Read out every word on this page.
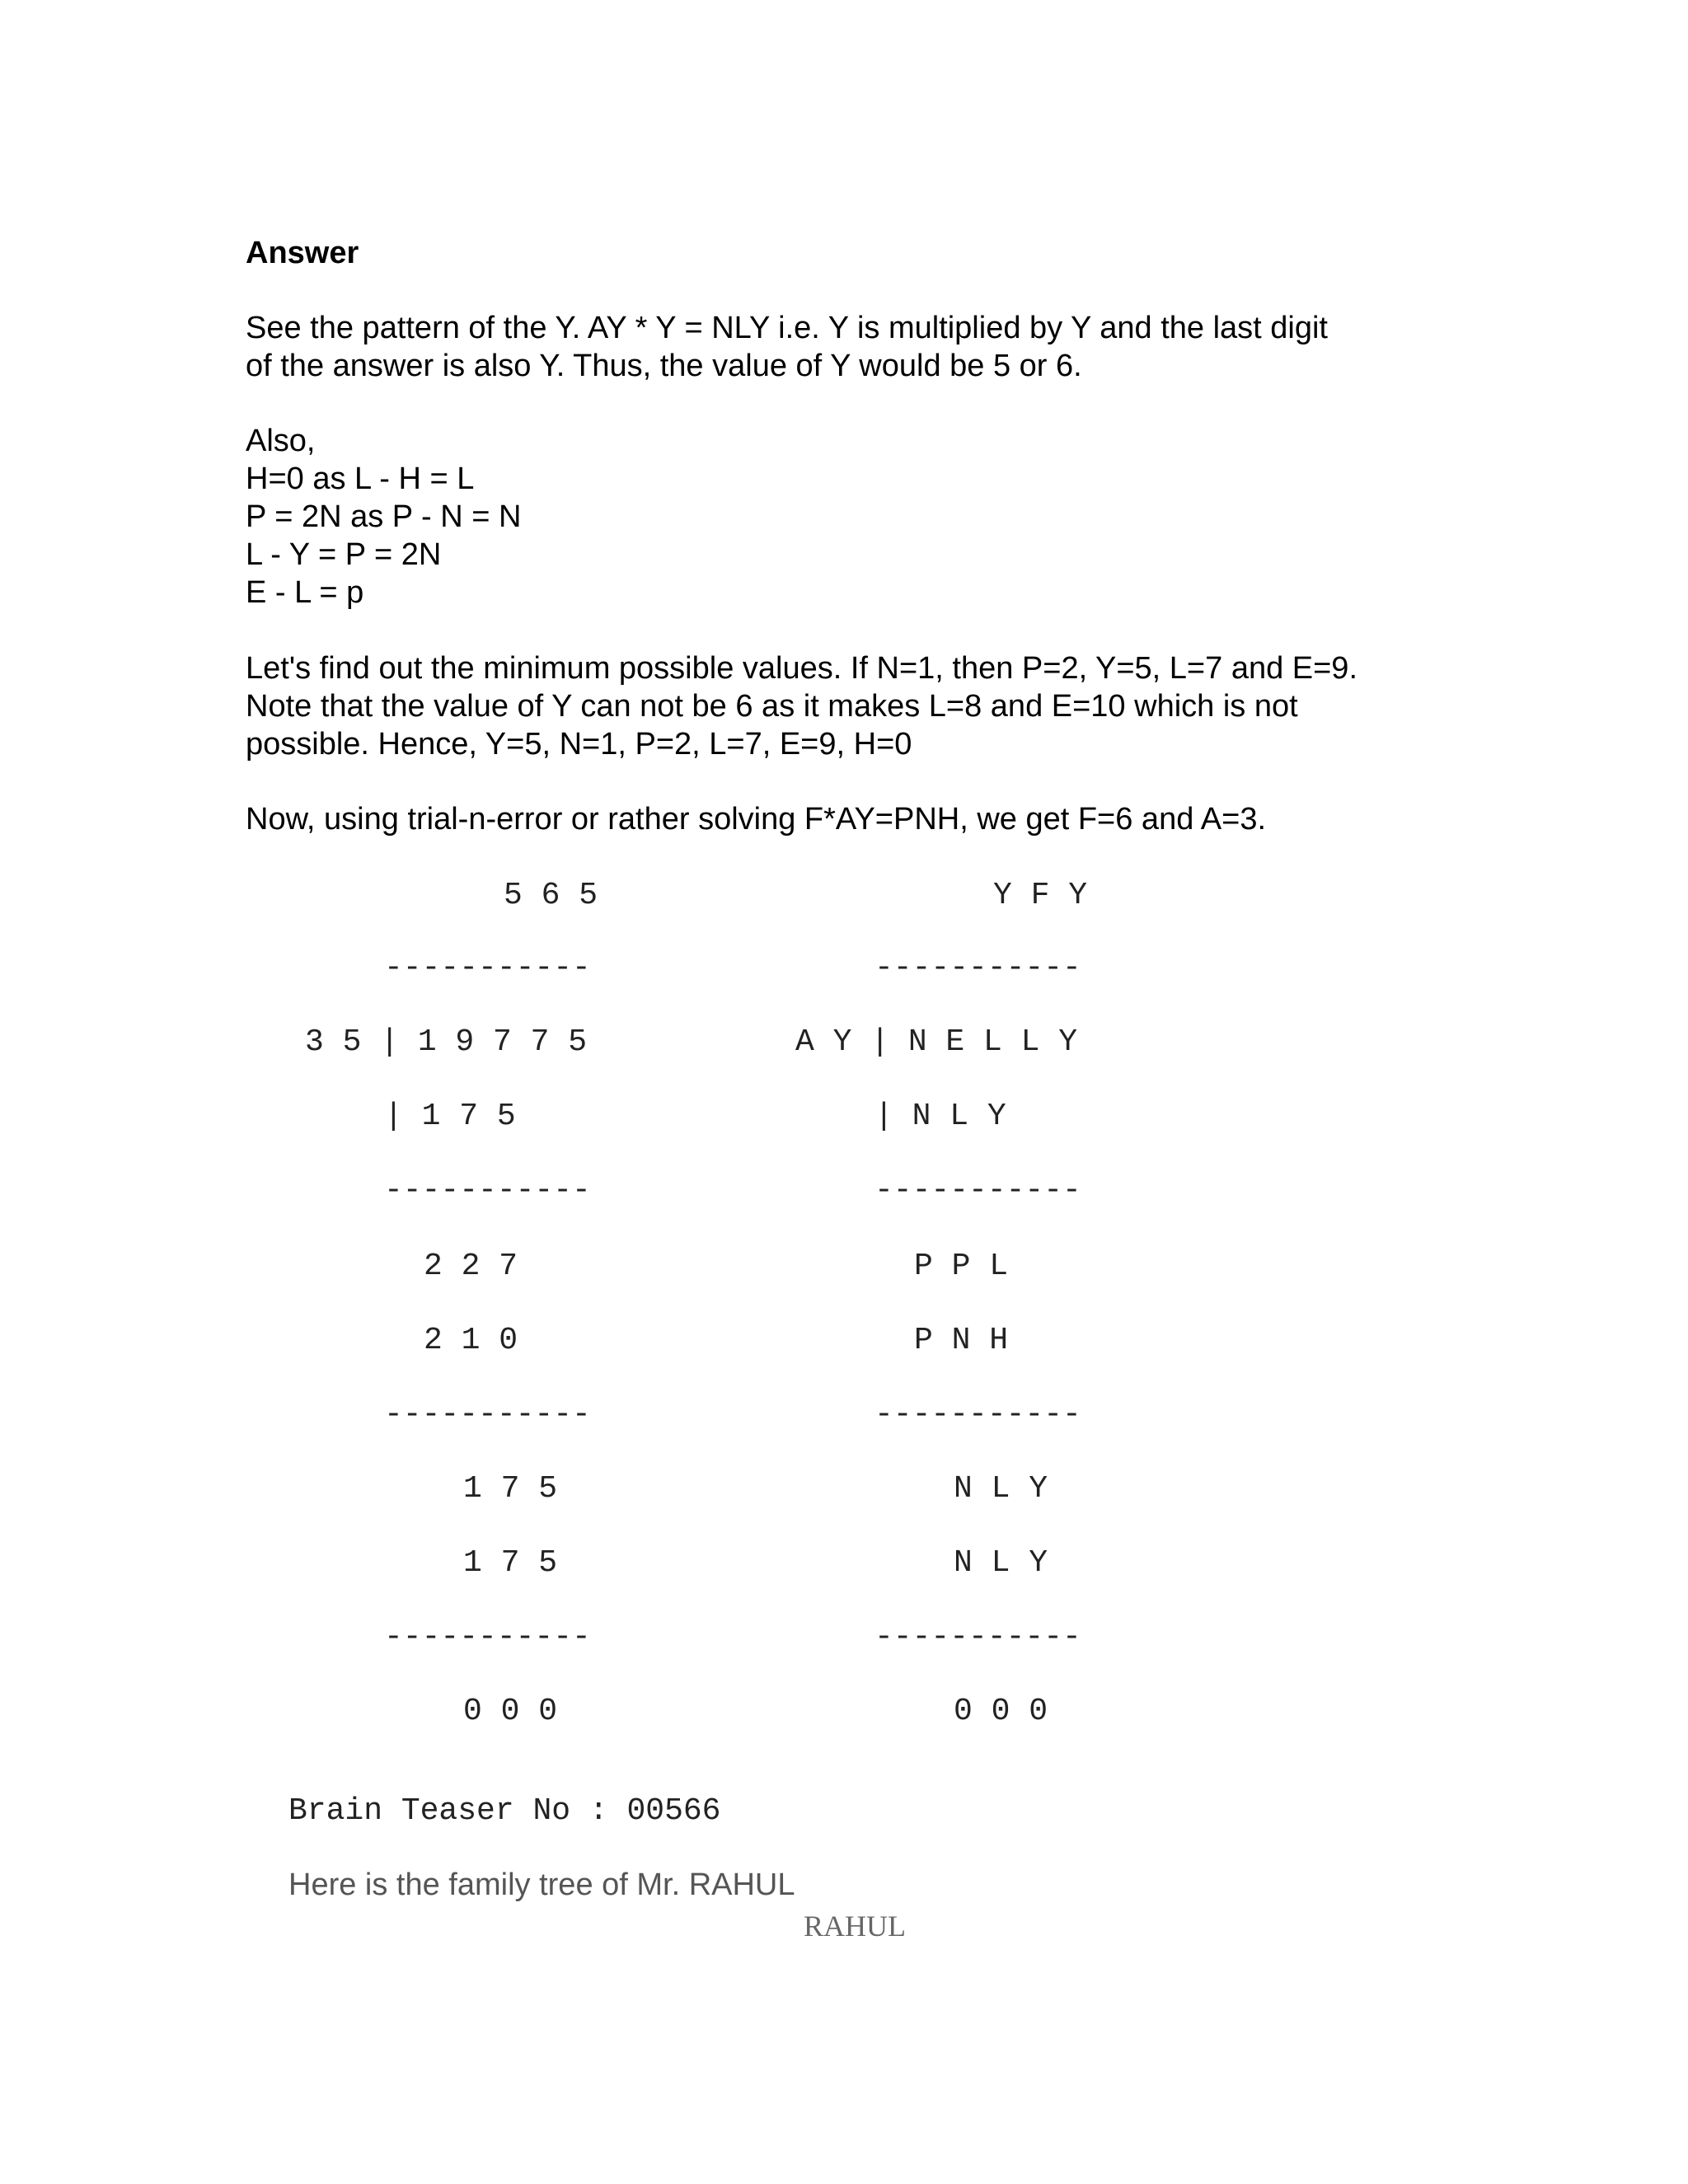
Answer
See the pattern of the Y. AY * Y = NLY i.e. Y is multiplied by Y and the last digit
of the answer is also Y. Thus, the value of Y would be 5 or 6.
Also,
H=0 as L - H = L
P = 2N as P - N = N
L - Y = P = 2N
E - L = p
Let's find out the minimum possible values. If N=1, then P=2, Y=5, L=7 and E=9.
Note that the value of Y can not be 6 as it makes L=8 and E=10 which is not
possible. Hence, Y=5, N=1, P=2, L=7, E=9, H=0
Now, using trial-n-error or rather solving F*AY=PNH, we get F=6 and A=3.
5 6 5
-----------
3 5 | 1 9 7 7 5
| 1 7 5
-----------
2 2 7
2 1 0
-----------
1 7 5
1 7 5
-----------
0 0 0
Y F Y
-----------
A Y | N E L L Y
| N L Y
-----------
P P L
P N H
-----------
N L Y
N L Y
-----------
0 0 0
Brain Teaser No : 00566
Here is the family tree of Mr. RAHUL
RAHUL
